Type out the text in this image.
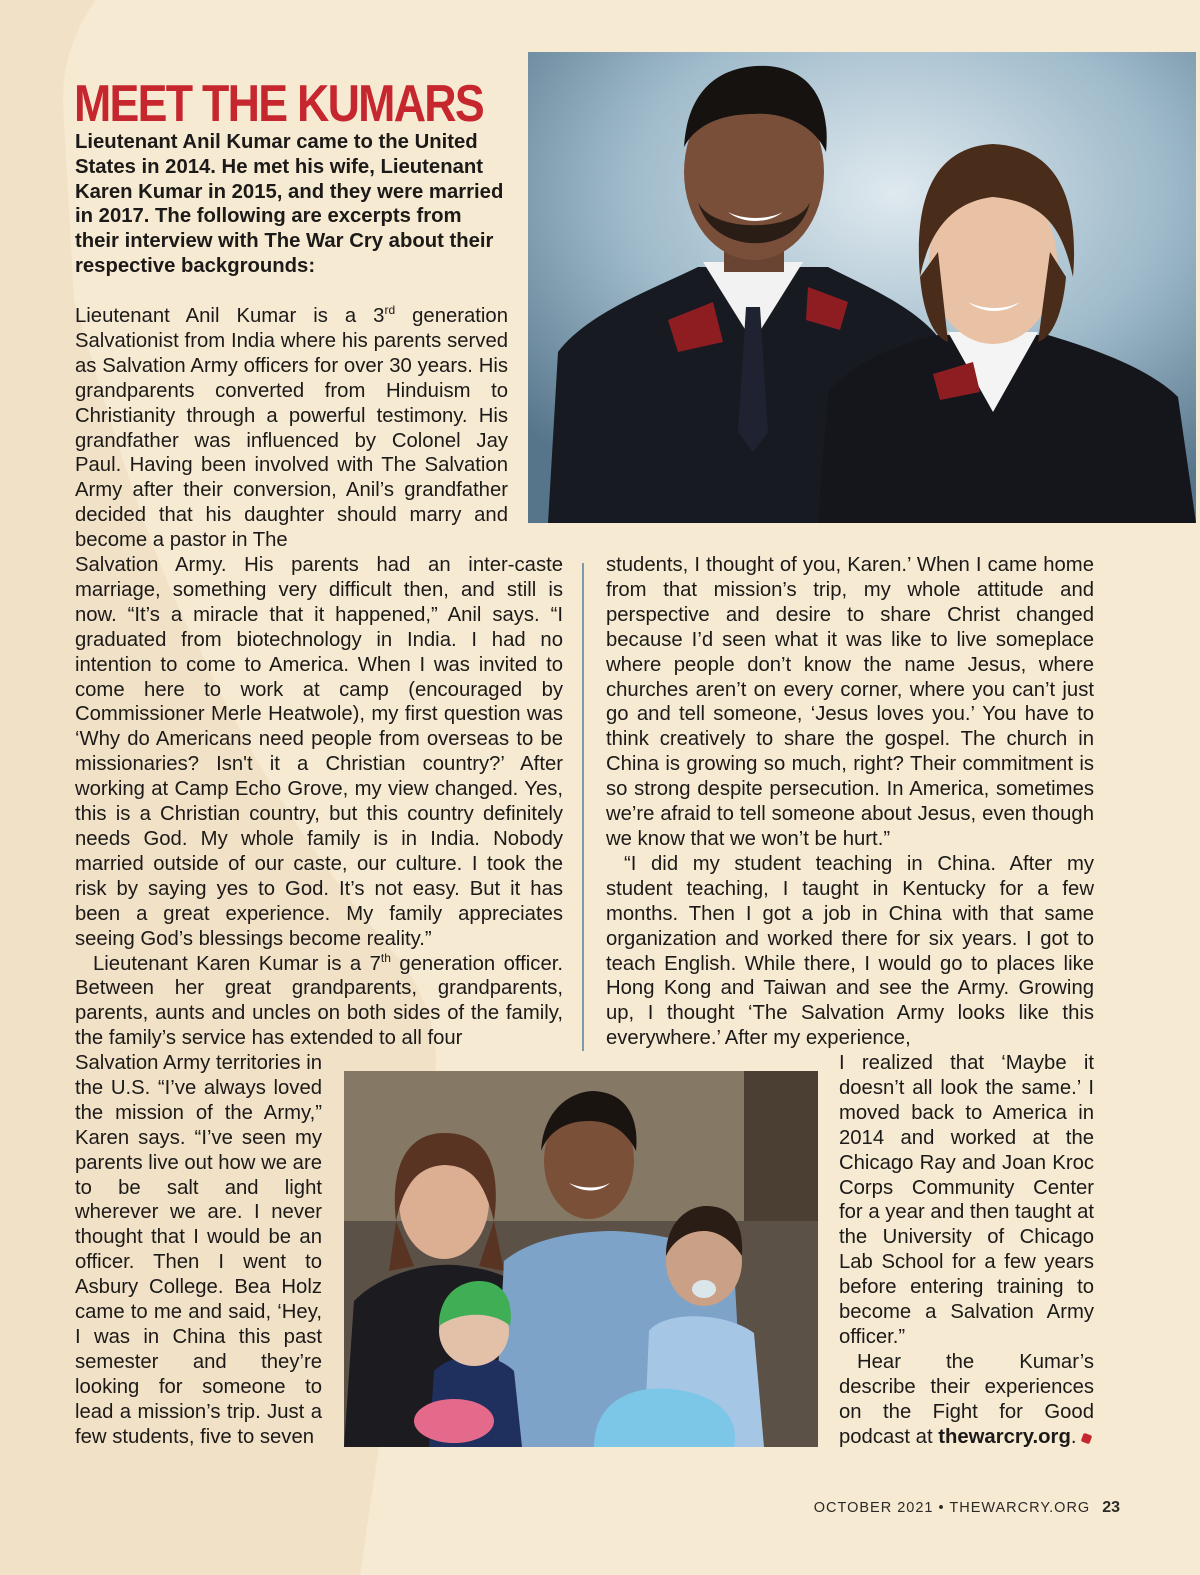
MEET THE KUMARS
Lieutenant Anil Kumar came to the United States in 2014. He met his wife, Lieutenant Karen Kumar in 2015, and they were married in 2017. The following are excerpts from their interview with The War Cry about their respective backgrounds:

Lieutenant Anil Kumar is a 3rd generation Salvationist from India where his parents served as Salvation Army officers for over 30 years. His grandparents converted from Hinduism to Christianity through a powerful testimony. His grandfather was influenced by Colonel Jay Paul. Having been involved with The Salvation Army after their conversion, Anil’s grandfather decided that his daughter should marry and become a pastor in The

Salvation Army. His parents had an inter-caste marriage, something very difficult then, and still is now. “It’s a miracle that it happened,” Anil says. “I graduated from biotechnology in India. I had no intention to come to America. When I was invited to come here to work at camp (encouraged by Commissioner Merle Heatwole), my first question was ‘Why do Americans need people from overseas to be missionaries? Isn't it a Christian country?’ After working at Camp Echo Grove, my view changed. Yes, this is a Christian country, but this country definitely needs God. My whole family is in India. Nobody married outside of our caste, our culture. I took the risk by saying yes to God. It’s not easy. But it has been a great experience. My family appreciates seeing God’s blessings become reality.”

Lieutenant Karen Kumar is a 7th generation officer. Between her great grandparents, grandparents, parents, aunts and uncles on both sides of the family, the family’s service has extended to all four

Salvation Army territories in the U.S. “I’ve always loved the mission of the Army,” Karen says. “I’ve seen my parents live out how we are to be salt and light wherever we are. I never thought that I would be an officer. Then I went to Asbury College. Bea Holz came to me and said, ‘Hey, I was in China this past semester and they’re looking for someone to lead a mission’s trip. Just a few students, five to seven

students, I thought of you, Karen.’ When I came home from that mission’s trip, my whole attitude and perspective and desire to share Christ changed because I’d seen what it was like to live someplace where people don’t know the name Jesus, where churches aren’t on every corner, where you can’t just go and tell someone, ‘Jesus loves you.’ You have to think creatively to share the gospel. The church in China is growing so much, right? Their commitment is so strong despite persecution. In America, sometimes we’re afraid to tell someone about Jesus, even though we know that we won’t be hurt.”

“I did my student teaching in China. After my student teaching, I taught in Kentucky for a few months. Then I got a job in China with that same organization and worked there for six years. I got to teach English. While there, I would go to places like Hong Kong and Taiwan and see the Army. Growing up, I thought ‘The Salvation Army looks like this everywhere.’ After my experience,

I realized that ‘Maybe it doesn’t all look the same.’ I moved back to America in 2014 and worked at the Chicago Ray and Joan Kroc Corps Community Center for a year and then taught at the University of Chicago Lab School for a few years before entering training to become a Salvation Army officer.”

Hear the Kumar’s describe their experiences on the Fight for Good podcast at thewarcry.org.

OCTOBER 2021 • THEWARCRY.ORG 23
